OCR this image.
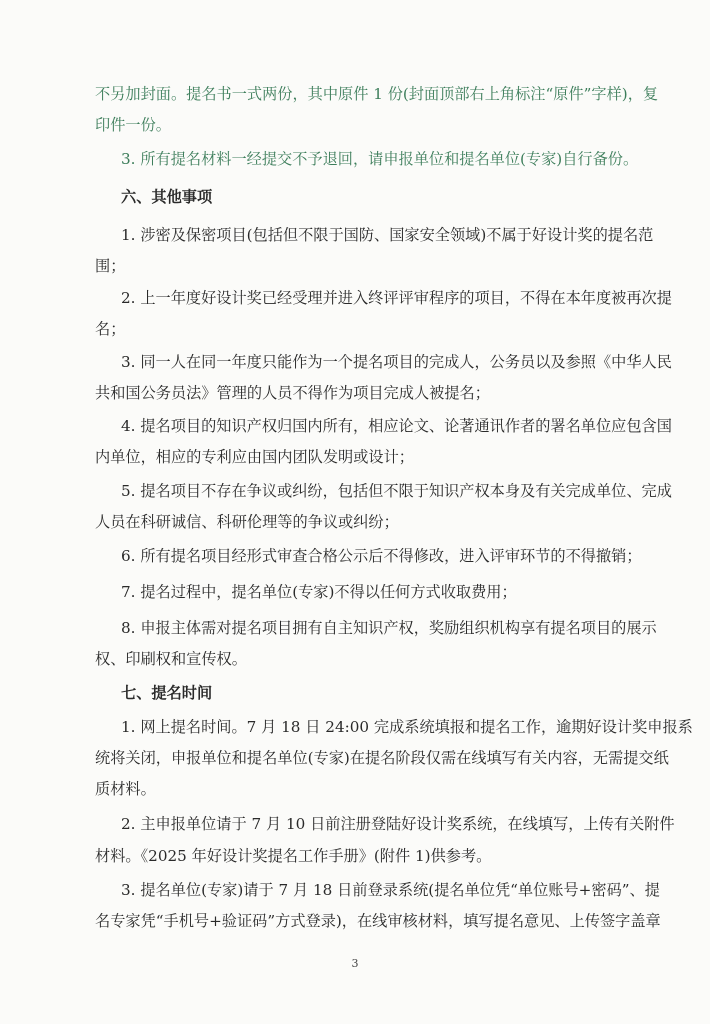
不另加封面。提名书一式两份，其中原件 1 份(封面顶部右上角标注“原件”字样)，复
印件一份。
3. 所有提名材料一经提交不予退回，请申报单位和提名单位(专家)自行备份。
六、其他事项
1. 涉密及保密项目(包括但不限于国防、国家安全领域)不属于好设计奖的提名范
围；
2. 上一年度好设计奖已经受理并进入终评评审程序的项目，不得在本年度被再次提
名；
3. 同一人在同一年度只能作为一个提名项目的完成人，公务员以及参照《中华人民
共和国公务员法》管理的人员不得作为项目完成人被提名；
4. 提名项目的知识产权归国内所有，相应论文、论著通讯作者的署名单位应包含国
内单位，相应的专利应由国内团队发明或设计；
5. 提名项目不存在争议或纠纷，包括但不限于知识产权本身及有关完成单位、完成
人员在科研诚信、科研伦理等的争议或纠纷；
6. 所有提名项目经形式审查合格公示后不得修改，进入评审环节的不得撤销；
7. 提名过程中，提名单位(专家)不得以任何方式收取费用；
8. 申报主体需对提名项目拥有自主知识产权，奖励组织机构享有提名项目的展示
权、印刷权和宣传权。
七、提名时间
1. 网上提名时间。7 月 18 日 24:00 完成系统填报和提名工作，逾期好设计奖申报系
统将关闭，申报单位和提名单位(专家)在提名阶段仅需在线填写有关内容，无需提交纸
质材料。
2. 主申报单位请于 7 月 10 日前注册登陆好设计奖系统，在线填写，上传有关附件
材料。《2025 年好设计奖提名工作手册》(附件 1)供参考。
3. 提名单位(专家)请于 7 月 18 日前登录系统(提名单位凭“单位账号+密码”、提
名专家凭“手机号+验证码”方式登录)，在线审核材料，填写提名意见、上传签字盖章
3
